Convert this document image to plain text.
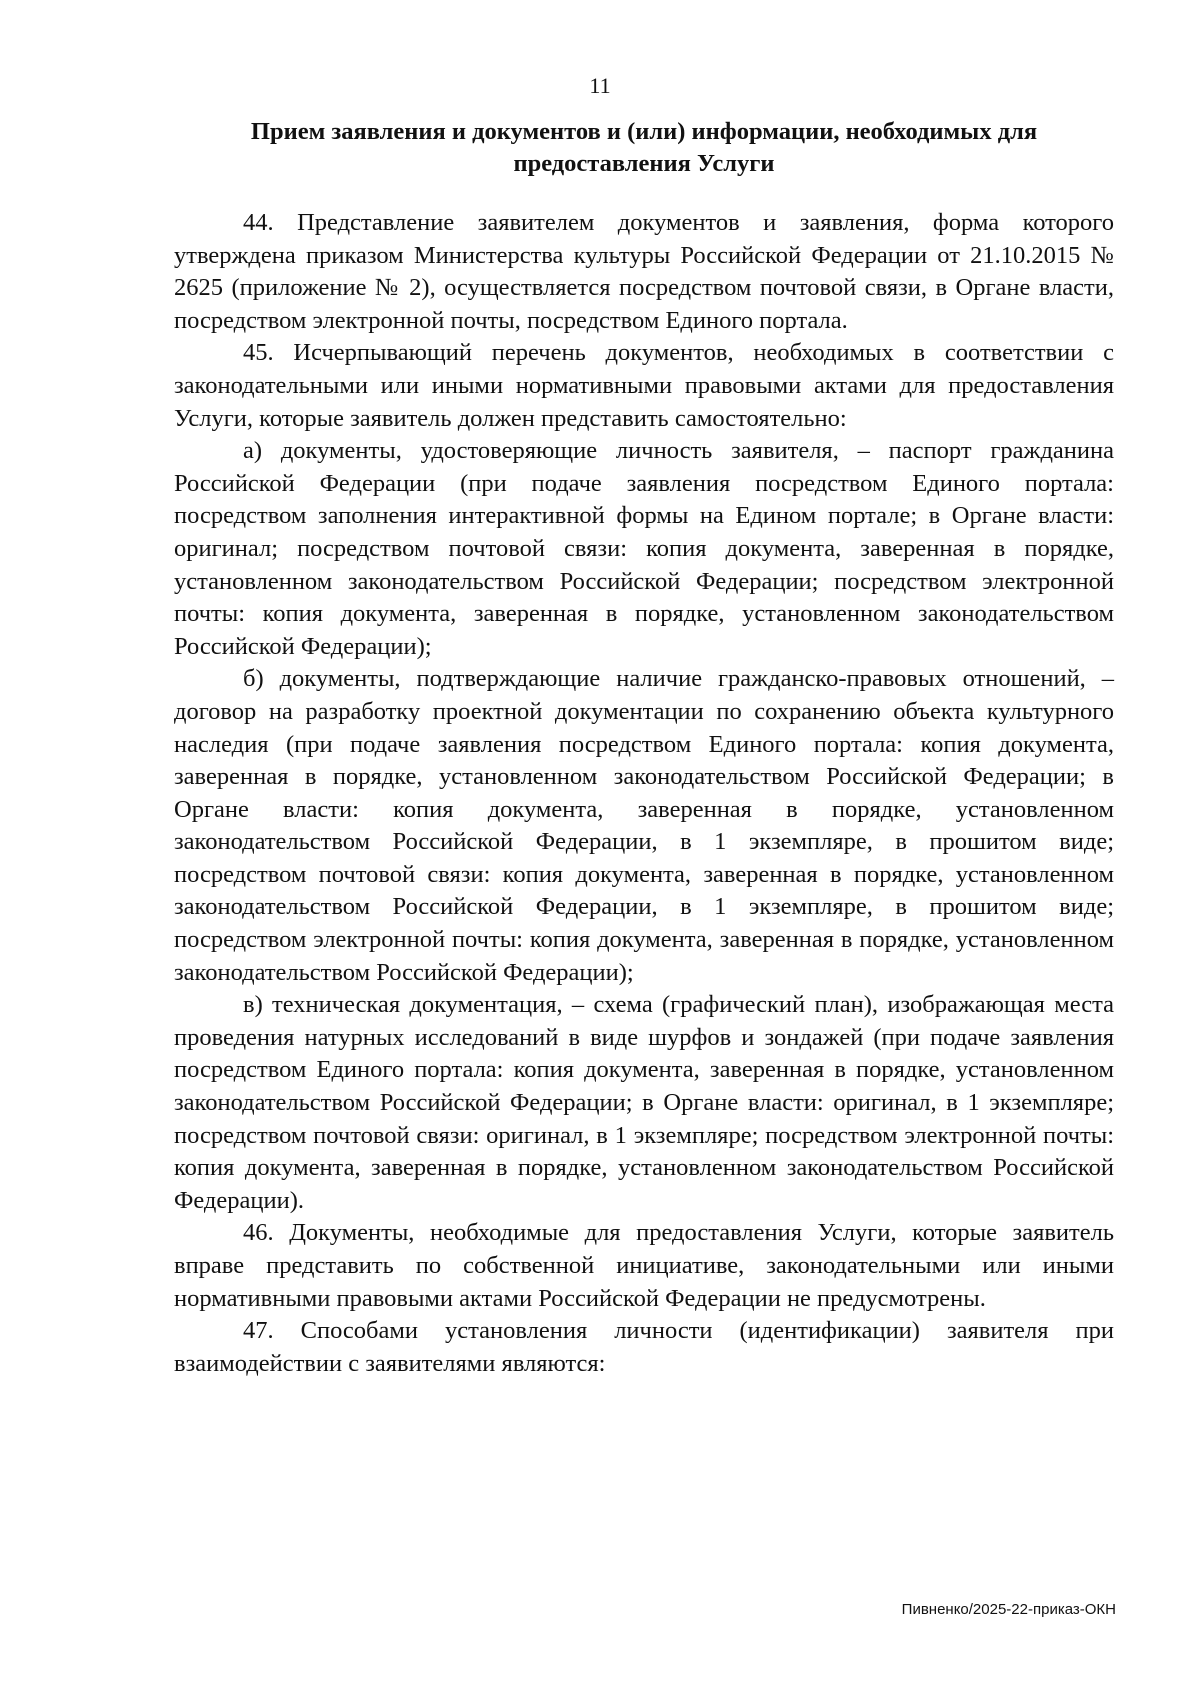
11
Прием заявления и документов и (или) информации, необходимых для предоставления Услуги

44. Представление заявителем документов и заявления, форма которого утверждена приказом Министерства культуры Российской Федерации от 21.10.2015 № 2625 (приложение № 2), осуществляется посредством почтовой связи, в Органе власти, посредством электронной почты, посредством Единого портала.

45. Исчерпывающий перечень документов, необходимых в соответствии с законодательными или иными нормативными правовыми актами для предоставления Услуги, которые заявитель должен представить самостоятельно:

а) документы, удостоверяющие личность заявителя, – паспорт гражданина Российской Федерации (при подаче заявления посредством Единого портала: посредством заполнения интерактивной формы на Едином портале; в Органе власти: оригинал; посредством почтовой связи: копия документа, заверенная в порядке, установленном законодательством Российской Федерации; посредством электронной почты: копия документа, заверенная в порядке, установленном законодательством Российской Федерации);

б) документы, подтверждающие наличие гражданско-правовых отношений, – договор на разработку проектной документации по сохранению объекта культурного наследия (при подаче заявления посредством Единого портала: копия документа, заверенная в порядке, установленном законодательством Российской Федерации; в Органе власти: копия документа, заверенная в порядке, установленном законодательством Российской Федерации, в 1 экземпляре, в прошитом виде; посредством почтовой связи: копия документа, заверенная в порядке, установленном законодательством Российской Федерации, в 1 экземпляре, в прошитом виде; посредством электронной почты: копия документа, заверенная в порядке, установленном законодательством Российской Федерации);

в) техническая документация, – схема (графический план), изображающая места проведения натурных исследований в виде шурфов и зондажей (при подаче заявления посредством Единого портала: копия документа, заверенная в порядке, установленном законодательством Российской Федерации; в Органе власти: оригинал, в 1 экземпляре; посредством почтовой связи: оригинал, в 1 экземпляре; посредством электронной почты: копия документа, заверенная в порядке, установленном законодательством Российской Федерации).

46. Документы, необходимые для предоставления Услуги, которые заявитель вправе представить по собственной инициативе, законодательными или иными нормативными правовыми актами Российской Федерации не предусмотрены.

47. Способами установления личности (идентификации) заявителя при взаимодействии с заявителями являются:

Пивненко/2025-22-приказ-ОКН
